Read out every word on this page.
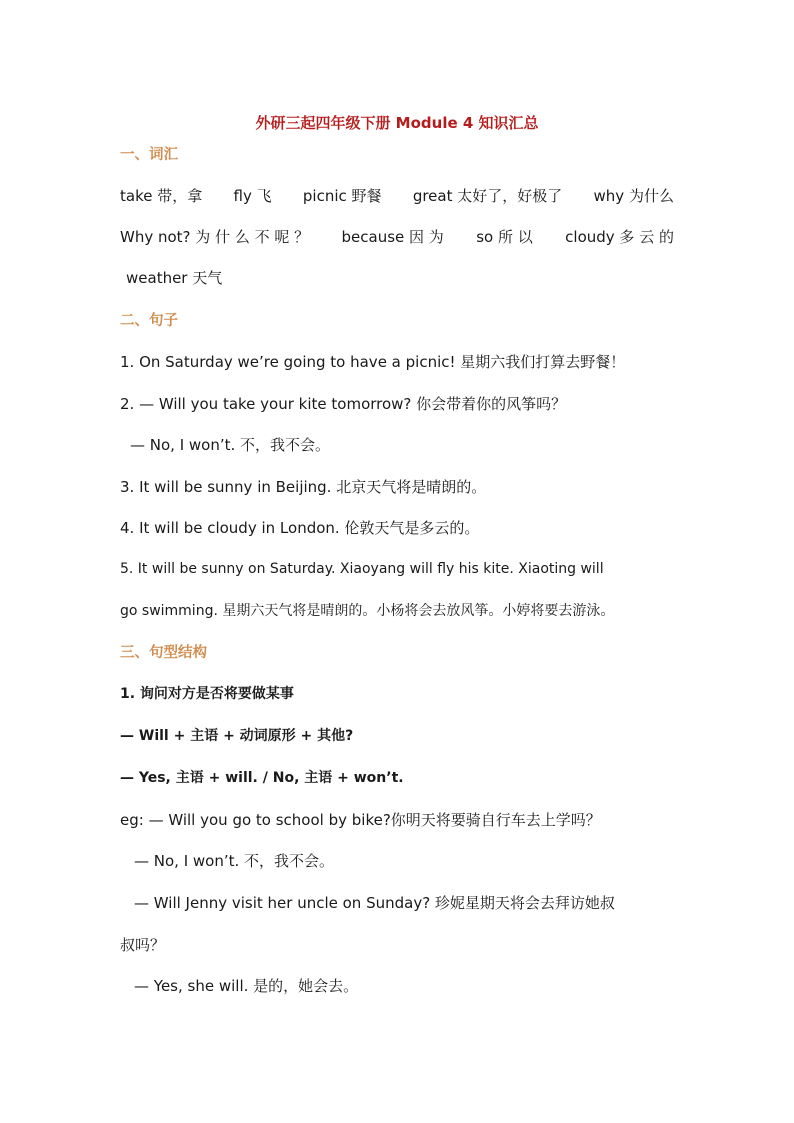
外研三起四年级下册 Module 4 知识汇总
一、词汇
take 带，拿 fly 飞 picnic 野餐 great 太好了，好极了 why 为什么
Why not? 为 什 么 不 呢 ？ because 因 为 so 所 以 cloudy 多 云 的
weather 天气
二、句子
1. On Saturday we’re going to have a picnic! 星期六我们打算去野餐！
2. — Will you take your kite tomorrow? 你会带着你的风筝吗？
— No, I won’t. 不，我不会。
3. It will be sunny in Beijing. 北京天气将是晴朗的。
4. It will be cloudy in London. 伦敦天气是多云的。
5. It will be sunny on Saturday. Xiaoyang will fly his kite. Xiaoting will
go swimming. 星期六天气将是晴朗的。小杨将会去放风筝。小婷将要去游泳。
三、句型结构
1. 询问对方是否将要做某事
— Will + 主语 + 动词原形 + 其他?
— Yes, 主语 + will. / No, 主语 + won’t.
eg: — Will you go to school by bike?你明天将要骑自行车去上学吗？
— No, I won’t. 不，我不会。
— Will Jenny visit her uncle on Sunday? 珍妮星期天将会去拜访她叔
叔吗？
— Yes, she will. 是的，她会去。
